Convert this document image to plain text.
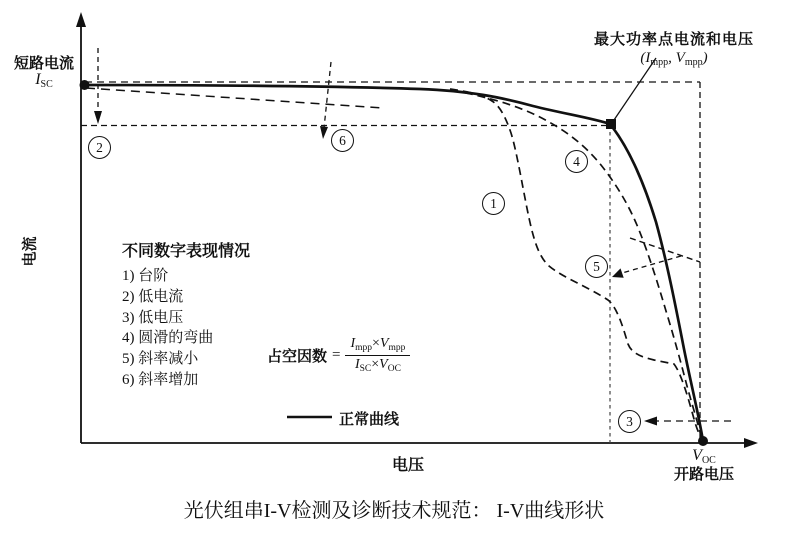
短路电流
$I_{SC}$
电流
电压
$V_{OC}$
开路电压
最大功率点电流和电压
($I_{mpp}$, $V_{mpp}$)
1
2
3
4
5
6
不同数字表现情况
1) 台阶
2) 低电流
3) 低电压
4) 圆滑的弯曲
5) 斜率减小
6) 斜率增加
占空因数 = $\frac{I_{mpp}\times V_{mpp}}{I_{SC}\times V_{OC}}$
正常曲线
光伏组串I-V检测及诊断技术规范： I-V曲线形状
